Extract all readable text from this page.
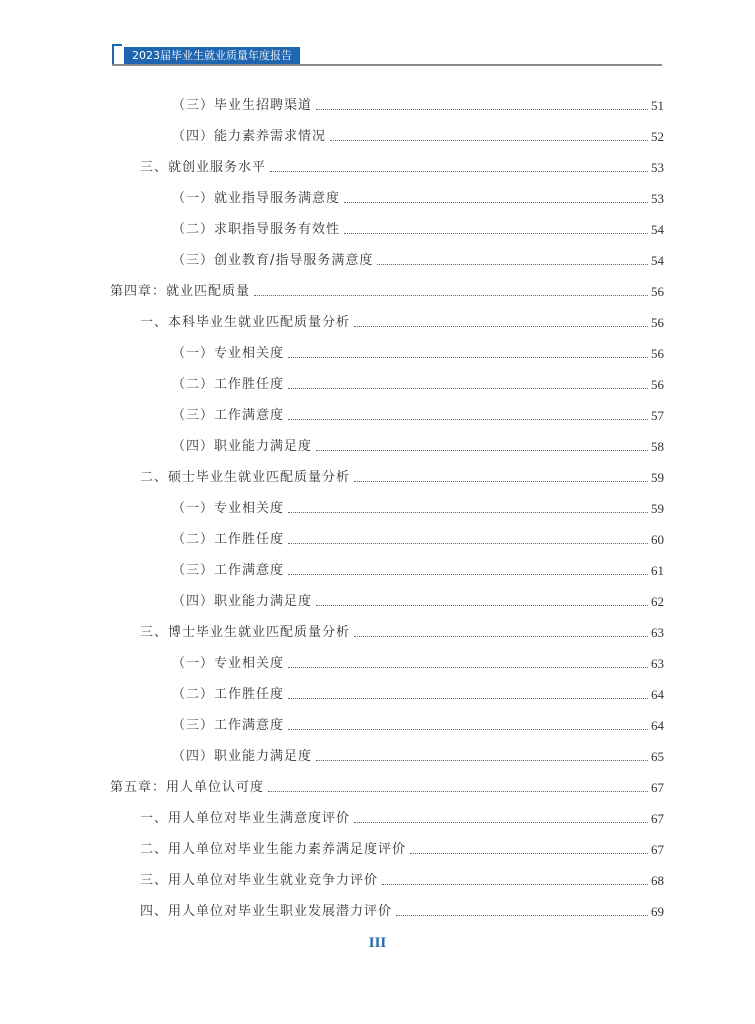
2023届毕业生就业质量年度报告
（三）毕业生招聘渠道	51
（四）能力素养需求情况	52
三、就创业服务水平	53
（一）就业指导服务满意度	53
（二）求职指导服务有效性	54
（三）创业教育/指导服务满意度	54
第四章：就业匹配质量	56
一、本科毕业生就业匹配质量分析	56
（一）专业相关度	56
（二）工作胜任度	56
（三）工作满意度	57
（四）职业能力满足度	58
二、硕士毕业生就业匹配质量分析	59
（一）专业相关度	59
（二）工作胜任度	60
（三）工作满意度	61
（四）职业能力满足度	62
三、博士毕业生就业匹配质量分析	63
（一）专业相关度	63
（二）工作胜任度	64
（三）工作满意度	64
（四）职业能力满足度	65
第五章：用人单位认可度	67
一、用人单位对毕业生满意度评价	67
二、用人单位对毕业生能力素养满足度评价	67
三、用人单位对毕业生就业竞争力评价	68
四、用人单位对毕业生职业发展潜力评价	69
III
